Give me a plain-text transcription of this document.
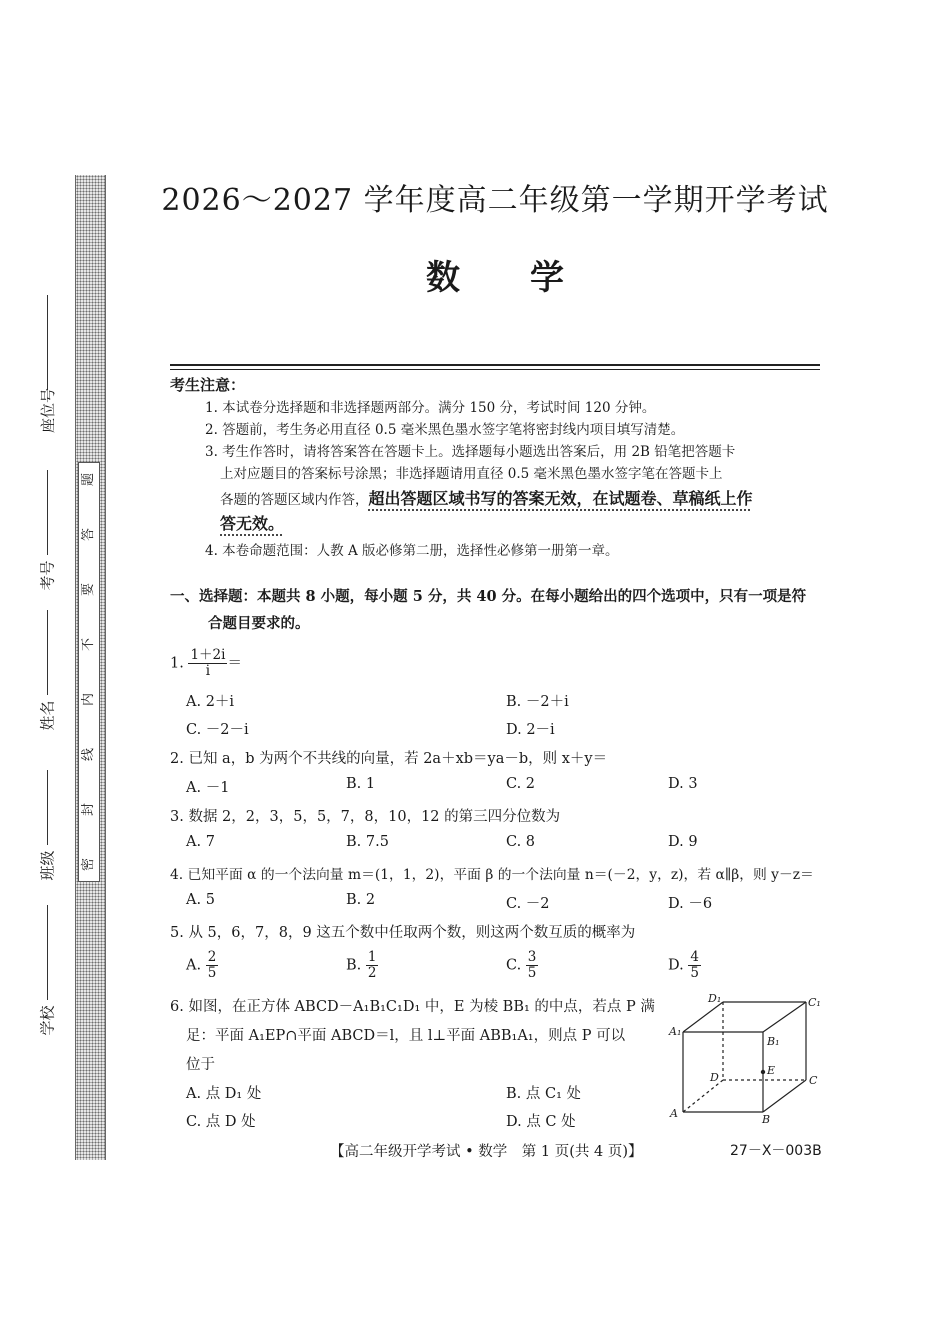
题
答
要
不
内
线
封
密
座位号
考号
姓名
班级
学校
2026～2027 学年度高二年级第一学期开学考试
数学
考生注意：
1. 本试卷分选择题和非选择题两部分。满分 150 分，考试时间 120 分钟。
2. 答题前，考生务必用直径 0.5 毫米黑色墨水签字笔将密封线内项目填写清楚。
3. 考生作答时，请将答案答在答题卡上。选择题每小题选出答案后，用 2B 铅笔把答题卡
上对应题目的答案标号涂黑；非选择题请用直径 0.5 毫米黑色墨水签字笔在答题卡上
各题的答题区域内作答，超出答题区域书写的答案无效，在试题卷、草稿纸上作
答无效。
4. 本卷命题范围：人教 A 版必修第二册，选择性必修第一册第一章。
一、选择题：本题共 8 小题，每小题 5 分，共 40 分。在每小题给出的四个选项中，只有一项是符
合题目要求的。
1. $\frac{1+2i}{i}$ ＝
A. 2＋i	B. －2＋i
C. －2－i	D. 2－i
2. 已知 a，b 为两个不共线的向量，若 2a＋xb＝ya－b，则 x＋y＝
A. －1	B. 1	C. 2	D. 3
3. 数据 2，2，3，5，5，7，8，10，12 的第三四分位数为
A. 7	B. 7.5	C. 8	D. 9
4. 已知平面 α 的一个法向量 m＝(1，1，2)，平面 β 的一个法向量 n＝(－2，y，z)，若 α∥β，则 y－z＝
A. 5	B. 2	C. －2	D. －6
5. 从 5，6，7，8，9 这五个数中任取两个数，则这两个数互质的概率为
A. $\frac{2}{5}$	B. $\frac{1}{2}$	C. $\frac{3}{5}$	D. $\frac{4}{5}$
6. 如图，在正方体 ABCD－A₁B₁C₁D₁ 中，E 为棱 BB₁ 的中点，若点 P 满
足：平面 A₁EP∩平面 ABCD＝l，且 l⊥平面 ABB₁A₁，则点 P 可以
位于
A. 点 D₁ 处	B. 点 C₁ 处
C. 点 D 处	D. 点 C 处
A	B
C
D
A₁
B₁
C₁
D₁
E
【高二年级开学考试 • 数学　第 1 页(共 4 页)】	27－X－003B
